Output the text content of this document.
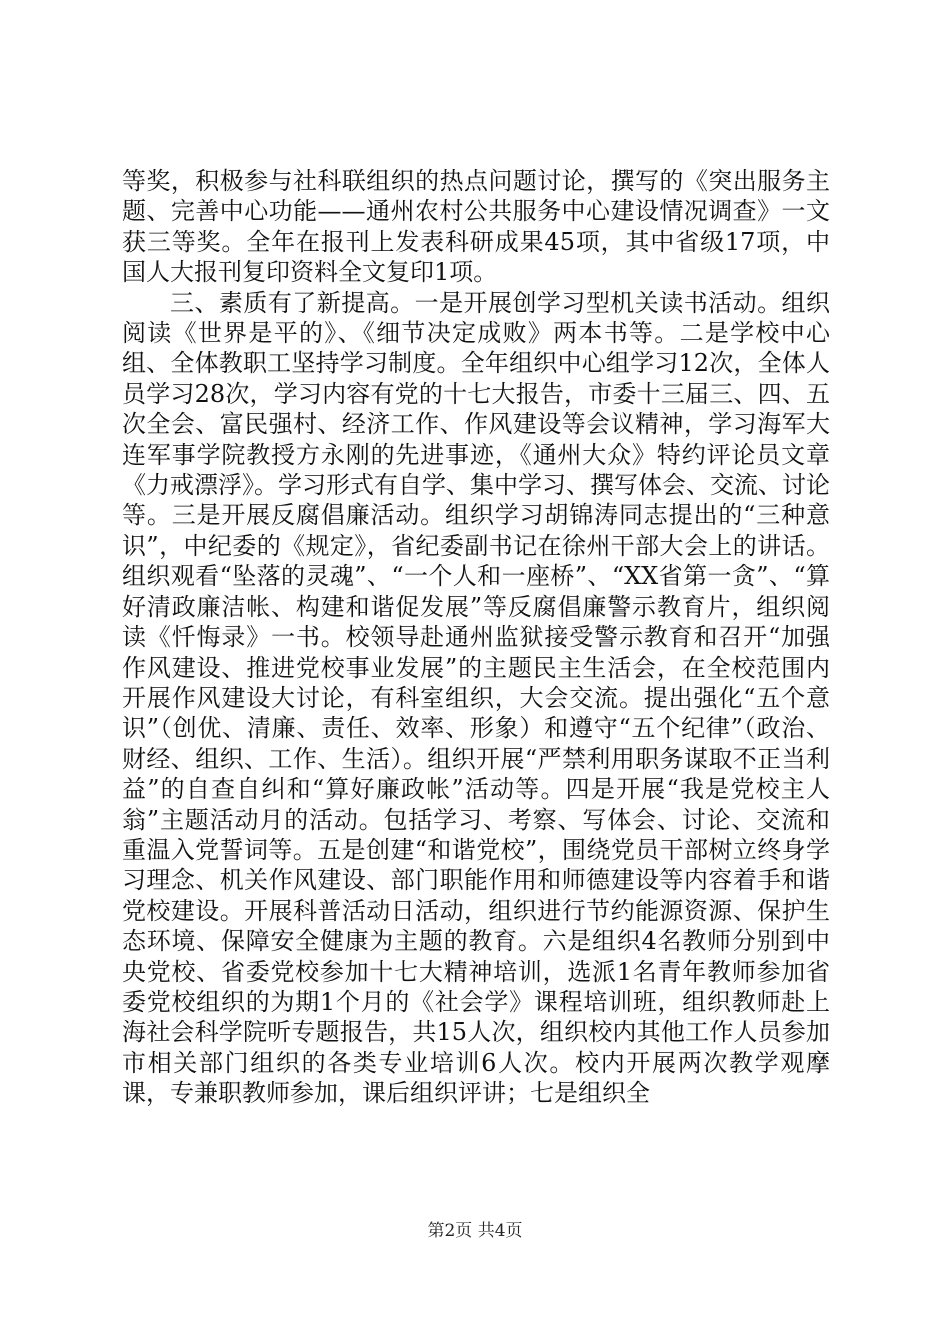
等奖，积极参与社科联组织的热点问题讨论，撰写的《突出服务主题、完善中心功能——通州农村公共服务中心建设情况调查》一文获三等奖。全年在报刊上发表科研成果45项，其中省级17项，中国人大报刊复印资料全文复印1项。

三、素质有了新提高。一是开展创学习型机关读书活动。组织阅读《世界是平的》、《细节决定成败》两本书等。二是学校中心组、全体教职工坚持学习制度。全年组织中心组学习12次，全体人员学习28次，学习内容有党的十七大报告，市委十三届三、四、五次全会、富民强村、经济工作、作风建设等会议精神，学习海军大连军事学院教授方永刚的先进事迹，《通州大众》特约评论员文章《力戒漂浮》。学习形式有自学、集中学习、撰写体会、交流、讨论等。三是开展反腐倡廉活动。组织学习胡锦涛同志提出的“三种意识”，中纪委的《规定》，省纪委副书记在徐州干部大会上的讲话。组织观看“坠落的灵魂”、“一个人和一座桥”、“XX省第一贪”、“算好清政廉洁帐、构建和谐促发展”等反腐倡廉警示教育片，组织阅读《忏悔录》一书。校领导赴通州监狱接受警示教育和召开“加强作风建设、推进党校事业发展”的主题民主生活会，在全校范围内开展作风建设大讨论，有科室组织，大会交流。提出强化“五个意识”（创优、清廉、责任、效率、形象）和遵守“五个纪律”（政治、财经、组织、工作、生活）。组织开展“严禁利用职务谋取不正当利益”的自查自纠和“算好廉政帐”活动等。四是开展“我是党校主人翁”主题活动月的活动。包括学习、考察、写体会、讨论、交流和重温入党誓词等。五是创建“和谐党校”，围绕党员干部树立终身学习理念、机关作风建设、部门职能作用和师德建设等内容着手和谐党校建设。开展科普活动日活动，组织进行节约能源资源、保护生态环境、保障安全健康为主题的教育。六是组织4名教师分别到中央党校、省委党校参加十七大精神培训，选派1名青年教师参加省委党校组织的为期1个月的《社会学》课程培训班，组织教师赴上海社会科学院听专题报告，共15人次，组织校内其他工作人员参加市相关部门组织的各类专业培训6人次。校内开展两次教学观摩课，专兼职教师参加，课后组织评讲；七是组织全

第2页 共4页
